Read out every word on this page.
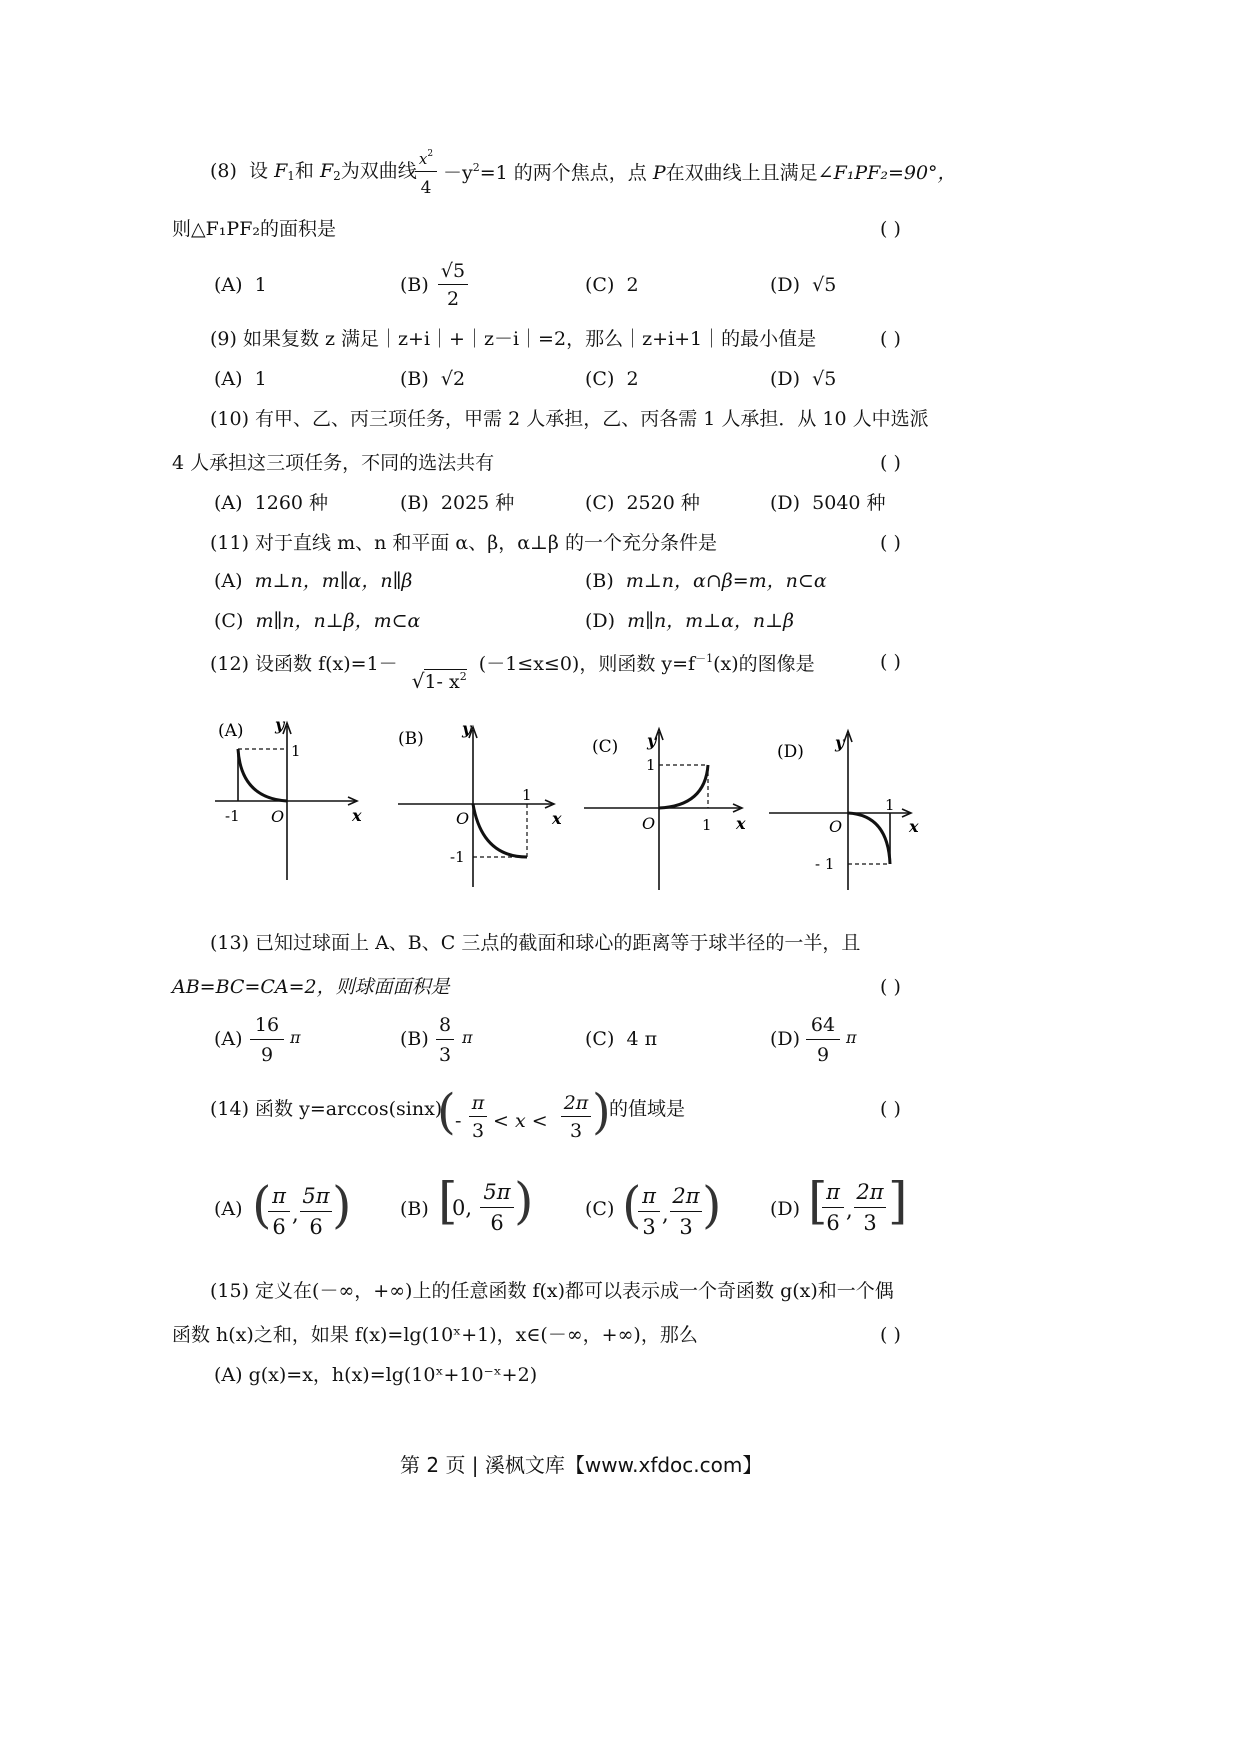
(8) 设 $F_1$和 $F_2$为双曲线
$x^2$
4
$-y^2=1$ 的两个焦点，点 P在双曲线上且满足∠F₁PF₂=90°，
则△F₁PF₂的面积是	( )
(A) 1	(B)
√5
2
(C) 2	(D) √5
(9) 如果复数 z 满足｜z+i｜+｜z－i｜=2，那么｜z+i+1｜的最小值是	( )
(A) 1	(B) √2	(C) 2	(D) √5
(10) 有甲、乙、丙三项任务，甲需 2 人承担，乙、丙各需 1 人承担．从 10 人中选派
4 人承担这三项任务，不同的选法共有	( )
(A) 1260 种	(B) 2025 种	(C) 2520 种	(D) 5040 种
(11) 对于直线 m、n 和平面 α、β，α⊥β 的一个充分条件是	( )
(A) m⊥n，m∥α，n∥β	(B) m⊥n，α∩β=m，n⊂α
(C) m∥n，n⊥β，m⊂α	(D) m∥n，m⊥α，n⊥β
(12) 设函数 f(x)=1－ √1- $x^2$ (－1≤x≤0)，则函数 $y=f^{-1}(x)$的图像是	( )
(A) y
1
-1 O	x
(B)
y
1
-1
O	x
(C) y
1
1
O	x
(D) y
1
- 1
O	x
(13) 已知过球面上 A、B、C 三点的截面和球心的距离等于球半径的一半，且
AB=BC=CA=2，则球面面积是	( )
(A)
16
9
π	(B)
8
3
π	(C) 4 π	(D)
64
9
π
(14) 函数 y=arccos(sinx)
( -
π
3 < x <
2π
3 )
的值域是	( )
(A) ( π
6
,
5π
6 )	(B) [
0,
5π
6 )	(C) ( π
3
,
2π
3 )	(D) [
π
6
,
2π
3 ]
(15) 定义在(－∞，+∞)上的任意函数 f(x)都可以表示成一个奇函数 g(x)和一个偶
函数 h(x)之和，如果 f(x)=lg(10ˣ+1)，x∈(－∞，+∞)，那么	( )
(A) g(x)=x，h(x)=lg(10ˣ+10⁻ˣ+2)
第 2 页 | 溪枫文库【www.xfdoc.com】
